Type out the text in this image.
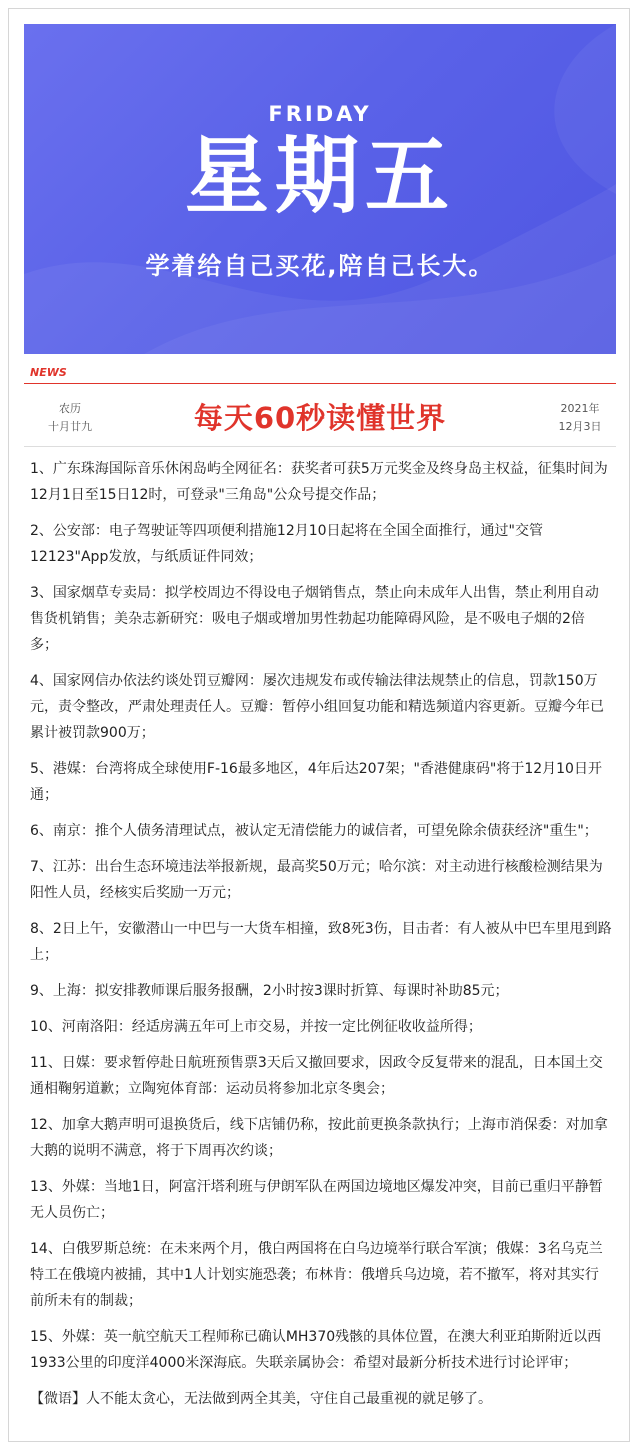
FRIDAY
星期五
学着给自己买花,陪自己长大。
NEWS
农历
十月廿九	每天60秒读懂世界	2021年
12月3日
1、广东珠海国际音乐休闲岛屿全网征名：获奖者可获5万元奖金及终身岛主权益，征集时间为12月1日至15日12时，可登录"三角岛"公众号提交作品；
2、公安部：电子驾驶证等四项便利措施12月10日起将在全国全面推行，通过"交管12123"App发放，与纸质证件同效；
3、国家烟草专卖局：拟学校周边不得设电子烟销售点，禁止向未成年人出售，禁止利用自动售货机销售；美杂志新研究：吸电子烟或增加男性勃起功能障碍风险，是不吸电子烟的2倍多；
4、国家网信办依法约谈处罚豆瓣网：屡次违规发布或传输法律法规禁止的信息，罚款150万元，责令整改，严肃处理责任人。豆瓣：暂停小组回复功能和精选频道内容更新。豆瓣今年已累计被罚款900万；
5、港媒：台湾将成全球使用F-16最多地区，4年后达207架；"香港健康码"将于12月10日开通；
6、南京：推个人债务清理试点，被认定无清偿能力的诚信者，可望免除余债获经济"重生"；
7、江苏：出台生态环境违法举报新规，最高奖50万元；哈尔滨：对主动进行核酸检测结果为阳性人员，经核实后奖励一万元；
8、2日上午，安徽潜山一中巴与一大货车相撞，致8死3伤，目击者：有人被从中巴车里甩到路上；
9、上海：拟安排教师课后服务报酬，2小时按3课时折算、每课时补助85元；
10、河南洛阳：经适房满五年可上市交易，并按一定比例征收收益所得；
11、日媒：要求暂停赴日航班预售票3天后又撤回要求，因政令反复带来的混乱，日本国土交通相鞠躬道歉；立陶宛体育部：运动员将参加北京冬奥会；
12、加拿大鹅声明可退换货后，线下店铺仍称，按此前更换条款执行；上海市消保委：对加拿大鹅的说明不满意，将于下周再次约谈；
13、外媒：当地1日，阿富汗塔利班与伊朗军队在两国边境地区爆发冲突，目前已重归平静暂无人员伤亡；
14、白俄罗斯总统：在未来两个月，俄白两国将在白乌边境举行联合军演；俄媒：3名乌克兰特工在俄境内被捕，其中1人计划实施恐袭；布林肯：俄增兵乌边境，若不撤军，将对其实行前所未有的制裁；
15、外媒：英一航空航天工程师称已确认MH370残骸的具体位置，在澳大利亚珀斯附近以西1933公里的印度洋4000米深海底。失联亲属协会：希望对最新分析技术进行讨论评审；
【微语】人不能太贪心，无法做到两全其美，守住自己最重视的就足够了。
